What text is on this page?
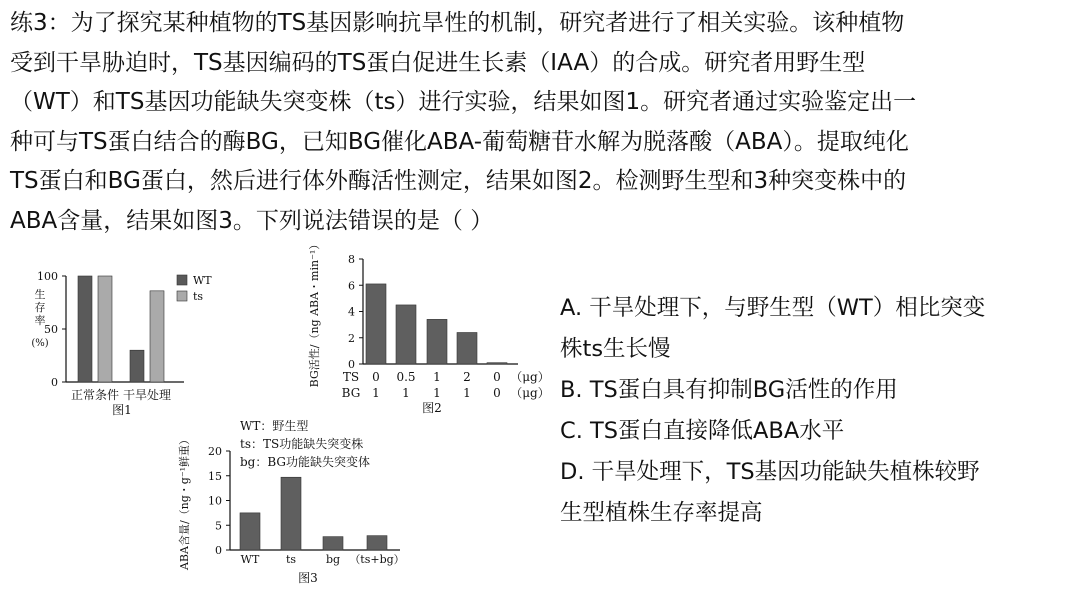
练3：为了探究某种植物的TS基因影响抗旱性的机制，研究者进行了相关实验。该种植物

受到干旱胁迫时，TS基因编码的TS蛋白促进生长素（IAA）的合成。研究者用野生型

（WT）和TS基因功能缺失突变株（ts）进行实验，结果如图1。研究者通过实验鉴定出一

种可与TS蛋白结合的酶BG，已知BG催化ABA-葡萄糖苷水解为脱落酸（ABA）。提取纯化

TS蛋白和BG蛋白，然后进行体外酶活性测定，结果如图2。检测野生型和3种突变株中的

ABA含量，结果如图3。下列说法错误的是（ ）

生
存
率
(%)
0
50
100
正常条件 干旱处理
WT
ts
图1
BG活性/（ng ABA・min⁻¹） 0
2
4
6
8
TS 0 0.5 1 2 0 （μg）
BG 1 1 1 1 0 （μg）
图2
WT：野生型
ts：TS功能缺失突变株
bg：BG功能缺失突变体
ABA含量/（ng・g⁻¹鲜重） 0
5
10
15
20
WT ts	bg （ts+bg）
图3

A. 干旱处理下，与野生型（WT）相比突变

株ts生长慢

B. TS蛋白具有抑制BG活性的作用

C. TS蛋白直接降低ABA水平

D. 干旱处理下，TS基因功能缺失植株较野

生型植株生存率提高
